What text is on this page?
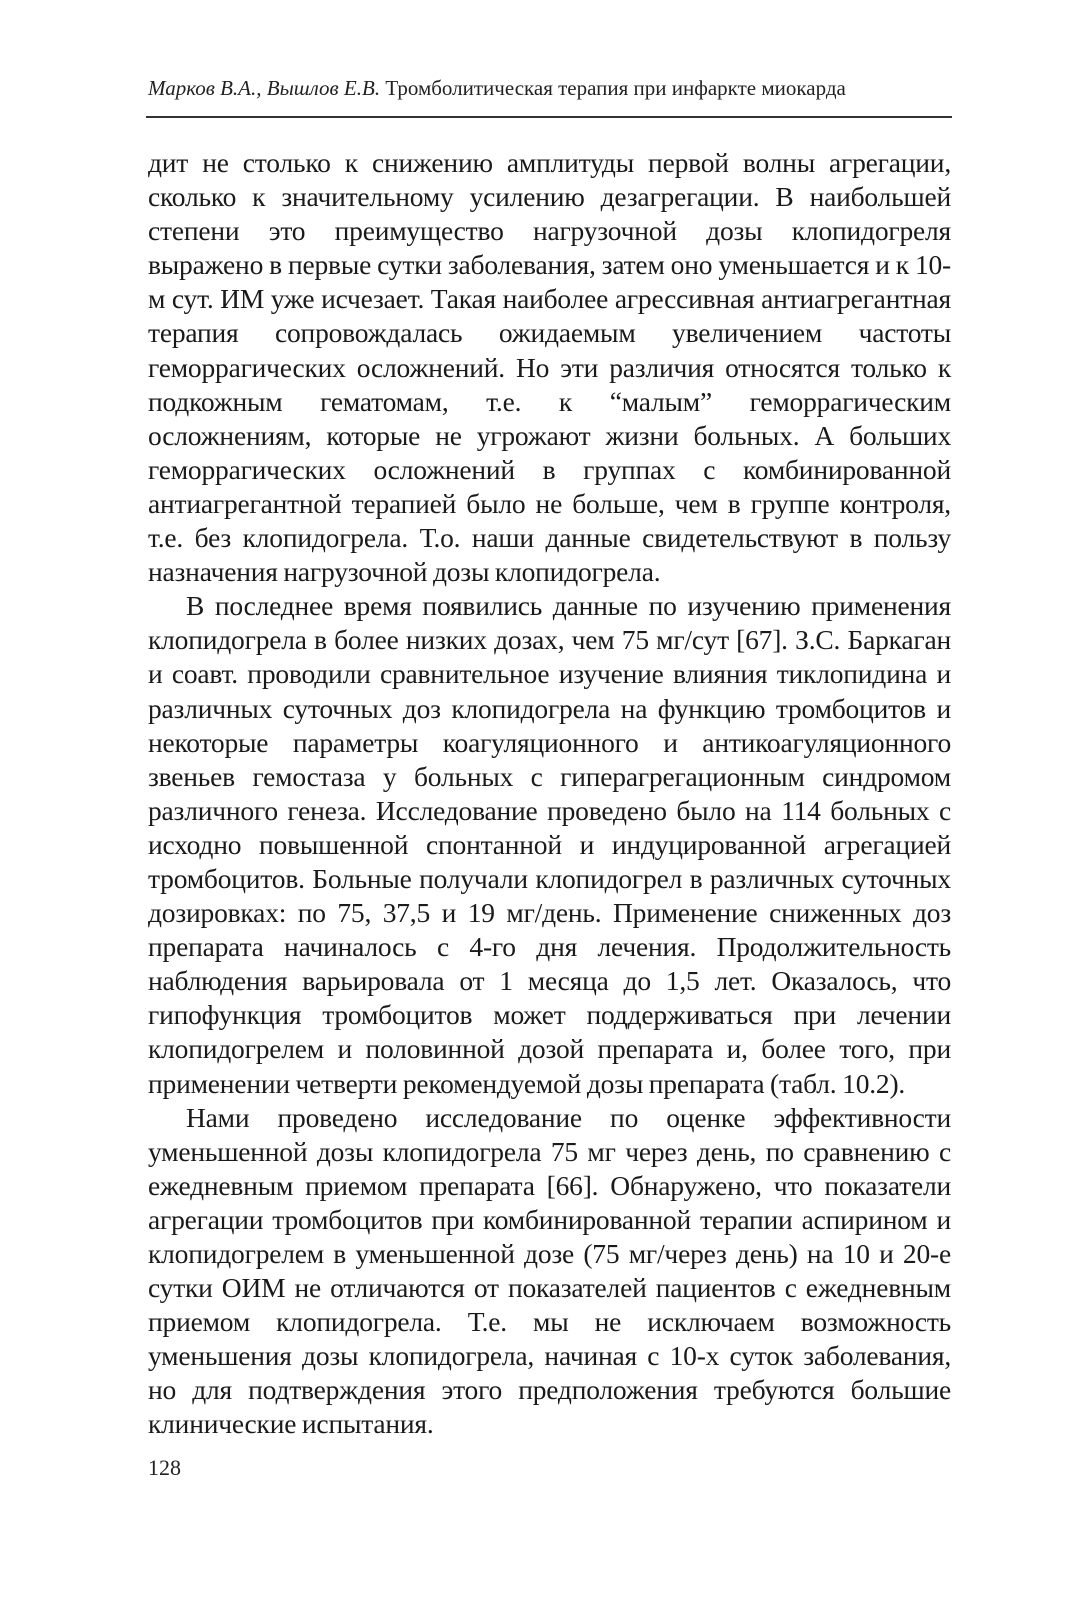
Марков В.А., Вышлов Е.В. Тромболитическая терапия при инфаркте миокарда

дит не столько к снижению амплитуды первой волны агрегации, сколько к значительному усилению дезагрегации. В наибольшей степени это преимущество нагрузочной дозы клопидогреля выражено в первые сутки заболевания, затем оно уменьшается и к 10-м сут. ИМ уже исчезает. Такая наиболее агрессивная антиагрегантная терапия сопровождалась ожидаемым увеличением частоты геморрагических осложнений. Но эти различия относятся только к подкожным гематомам, т.е. к “малым” геморрагическим осложнениям, которые не угрожают жизни больных. А больших геморрагических осложнений в группах с комбинированной антиагрегантной терапией было не больше, чем в группе контроля, т.е. без клопидогрела. Т.о. наши данные свидетельствуют в пользу назначения нагрузочной дозы клопидогрела.

В последнее время появились данные по изучению применения клопидогрела в более низких дозах, чем 75 мг/сут [67]. З.С. Баркаган и соавт. проводили сравнительное изучение влияния тиклопидина и различных суточных доз клопидогрела на функцию тромбоцитов и некоторые параметры коагуляционного и антикоагуляционного звеньев гемостаза у больных с гиперагрегационным синдромом различного генеза. Исследование проведено было на 114 больных с исходно повышенной спонтанной и индуцированной агрегацией тромбоцитов. Больные получали клопидогрел в различных суточных дозировках: по 75, 37,5 и 19 мг/день. Применение сниженных доз препарата начиналось с 4-го дня лечения. Продолжительность наблюдения варьировала от 1 месяца до 1,5 лет. Оказалось, что гипофункция тромбоцитов может поддерживаться при лечении клопидогрелем и половинной дозой препарата и, более того, при применении четверти рекомендуемой дозы препарата (табл. 10.2).

Нами проведено исследование по оценке эффективности уменьшенной дозы клопидогрела 75 мг через день, по сравнению с ежедневным приемом препарата [66]. Обнаружено, что показатели агрегации тромбоцитов при комбинированной терапии аспирином и клопидогрелем в уменьшенной дозе (75 мг/через день) на 10 и 20-е сутки ОИМ не отличаются от показателей пациентов с ежедневным приемом клопидогрела. Т.е. мы не исключаем возможность уменьшения дозы клопидогрела, начиная с 10-х суток заболевания, но для подтверждения этого предположения требуются большие клинические испытания.

128
